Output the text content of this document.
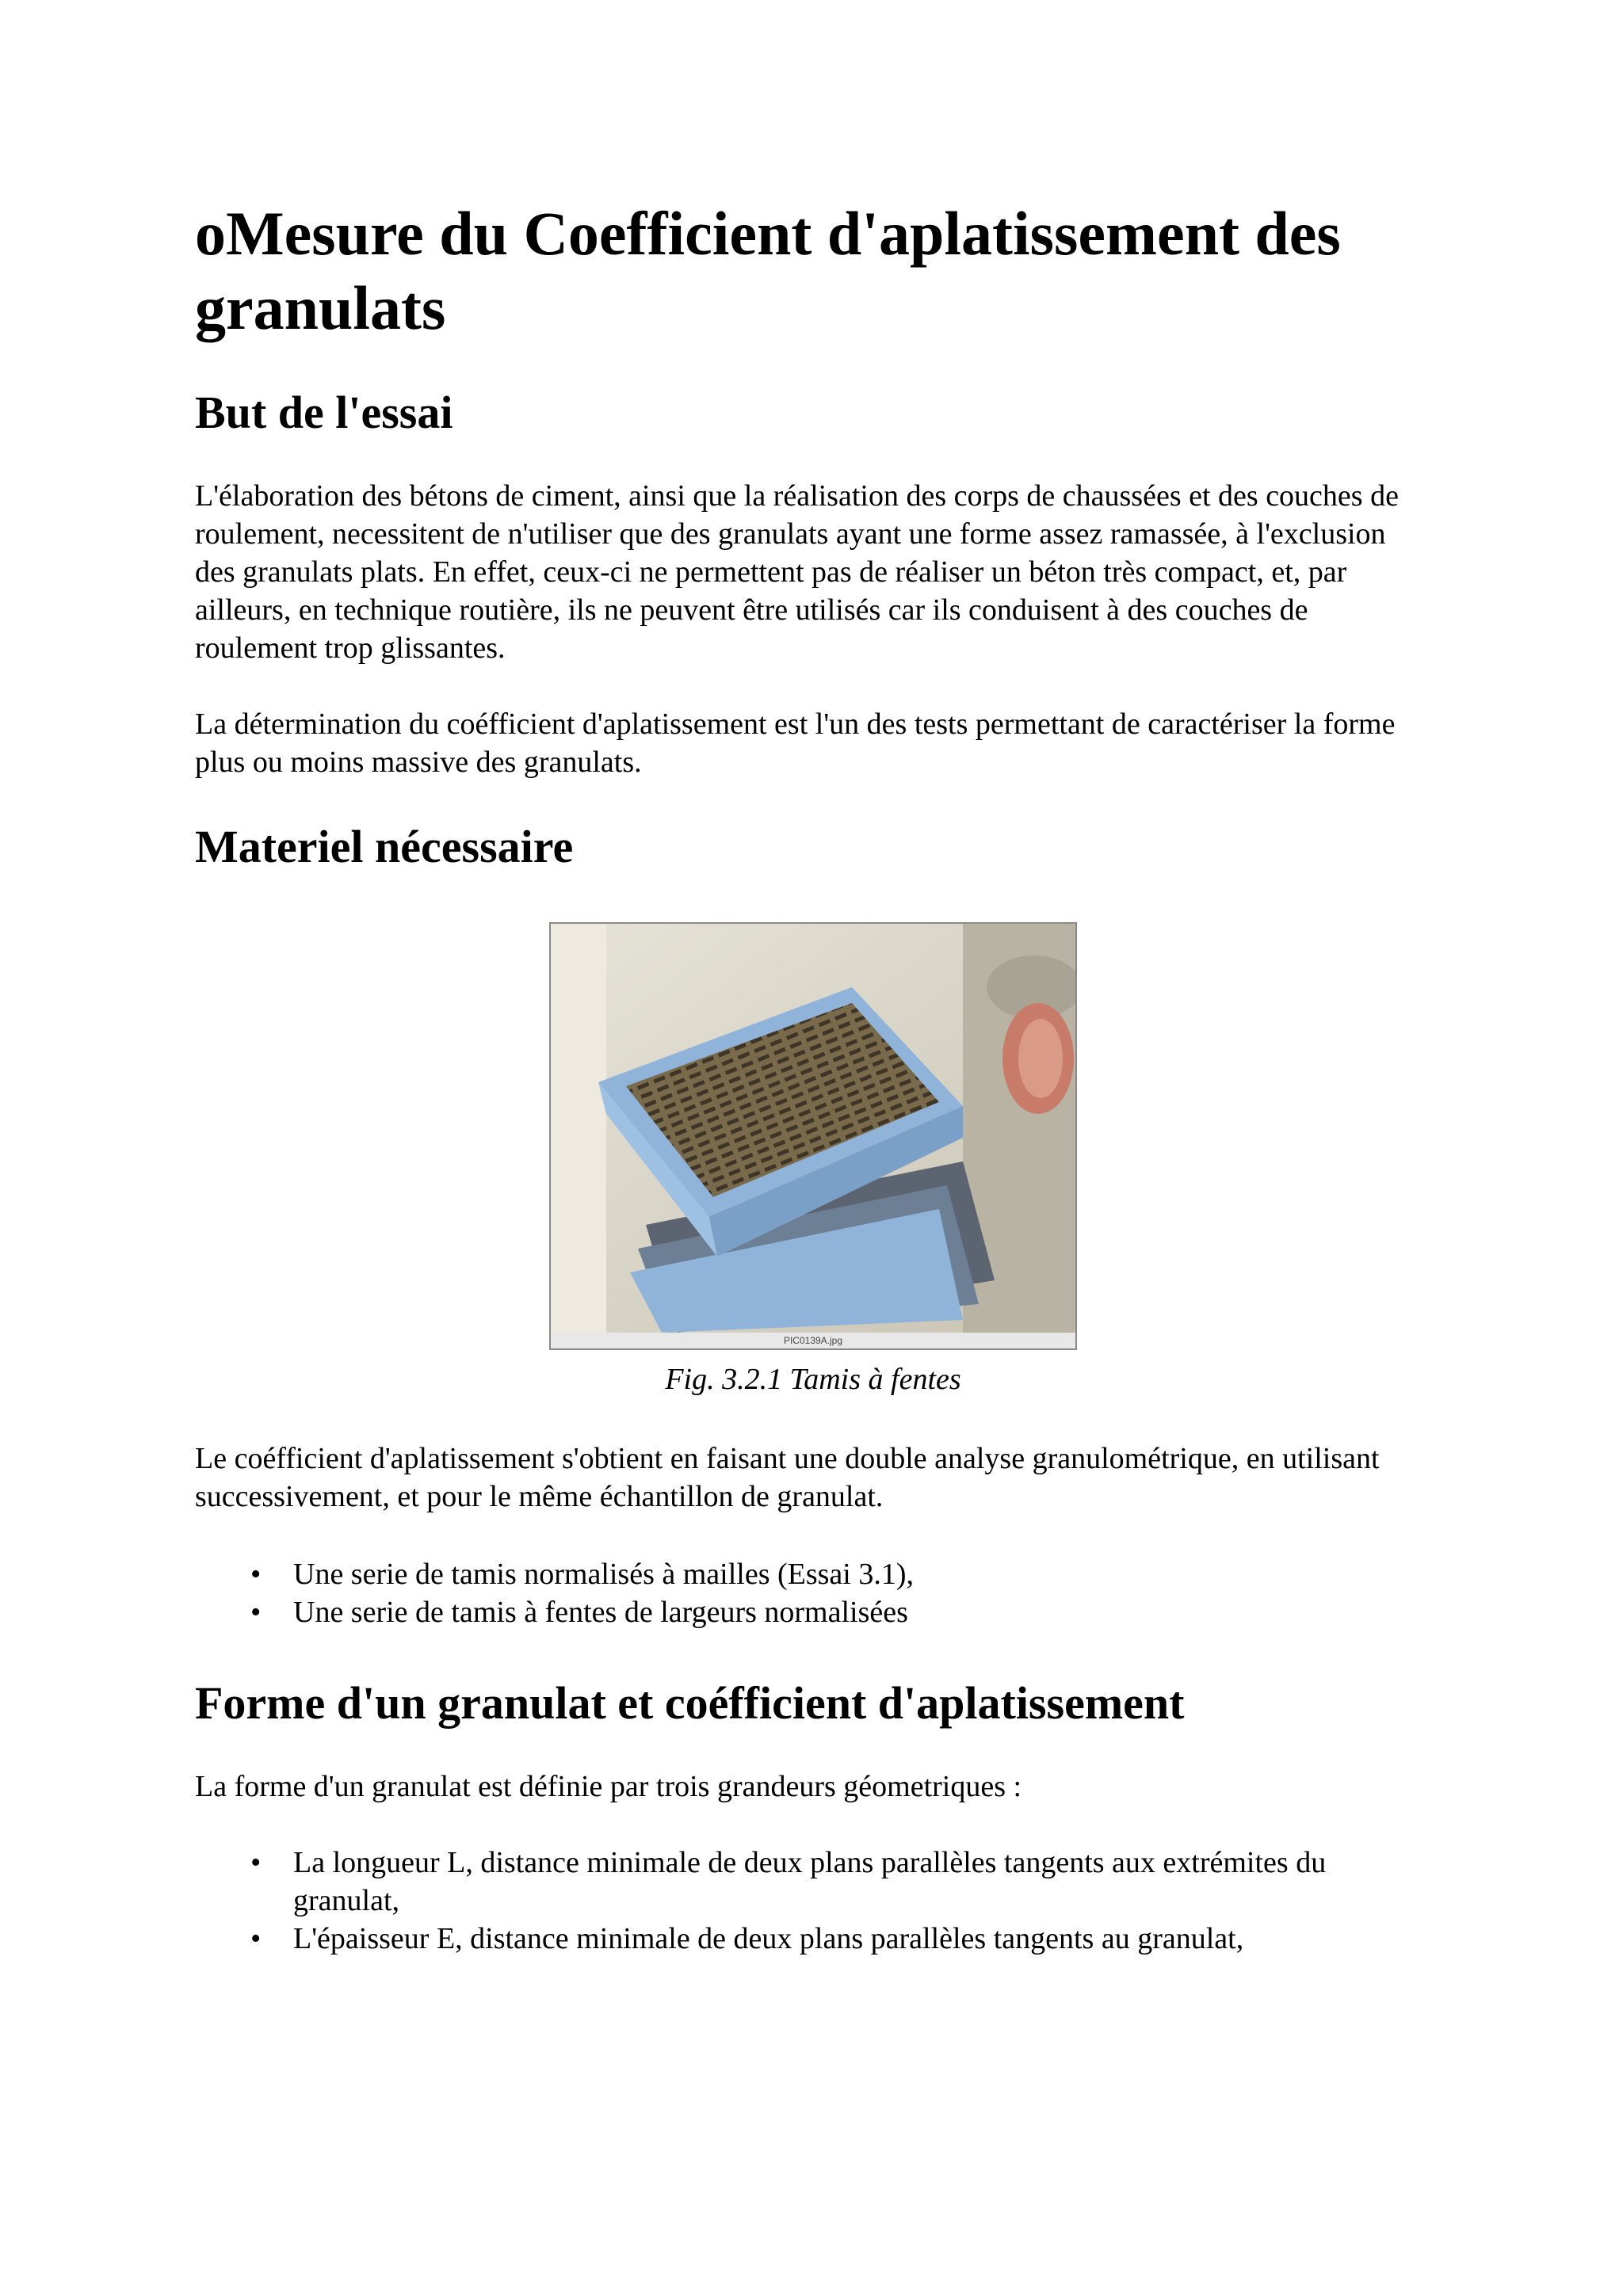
oMesure du Coefficient d'aplatissement des granulats
But de l'essai

L'élaboration des bétons de ciment, ainsi que la réalisation des corps de chaussées et des couches de roulement, necessitent de n'utiliser que des granulats ayant une forme assez ramassée, à l'exclusion des granulats plats. En effet, ceux-ci ne permettent pas de réaliser un béton très compact, et, par ailleurs, en technique routière, ils ne peuvent être utilisés car ils conduisent à des couches de roulement trop glissantes.

La détermination du coéfficient d'aplatissement est l'un des tests permettant de caractériser la forme plus ou moins massive des granulats.

Materiel nécessaire
PIC0139A.jpg
Fig. 3.2.1 Tamis à fentes

Le coéfficient d'aplatissement s'obtient en faisant une double analyse granulométrique, en utilisant successivement, et pour le même échantillon de granulat.

• Une serie de tamis normalisés à mailles (Essai 3.1),
• Une serie de tamis à fentes de largeurs normalisées
Forme d'un granulat et coéfficient d'aplatissement

La forme d'un granulat est définie par trois grandeurs géometriques :

• La longueur L, distance minimale de deux plans parallèles tangents aux extrémites du granulat,
• L'épaisseur E, distance minimale de deux plans parallèles tangents au granulat,
